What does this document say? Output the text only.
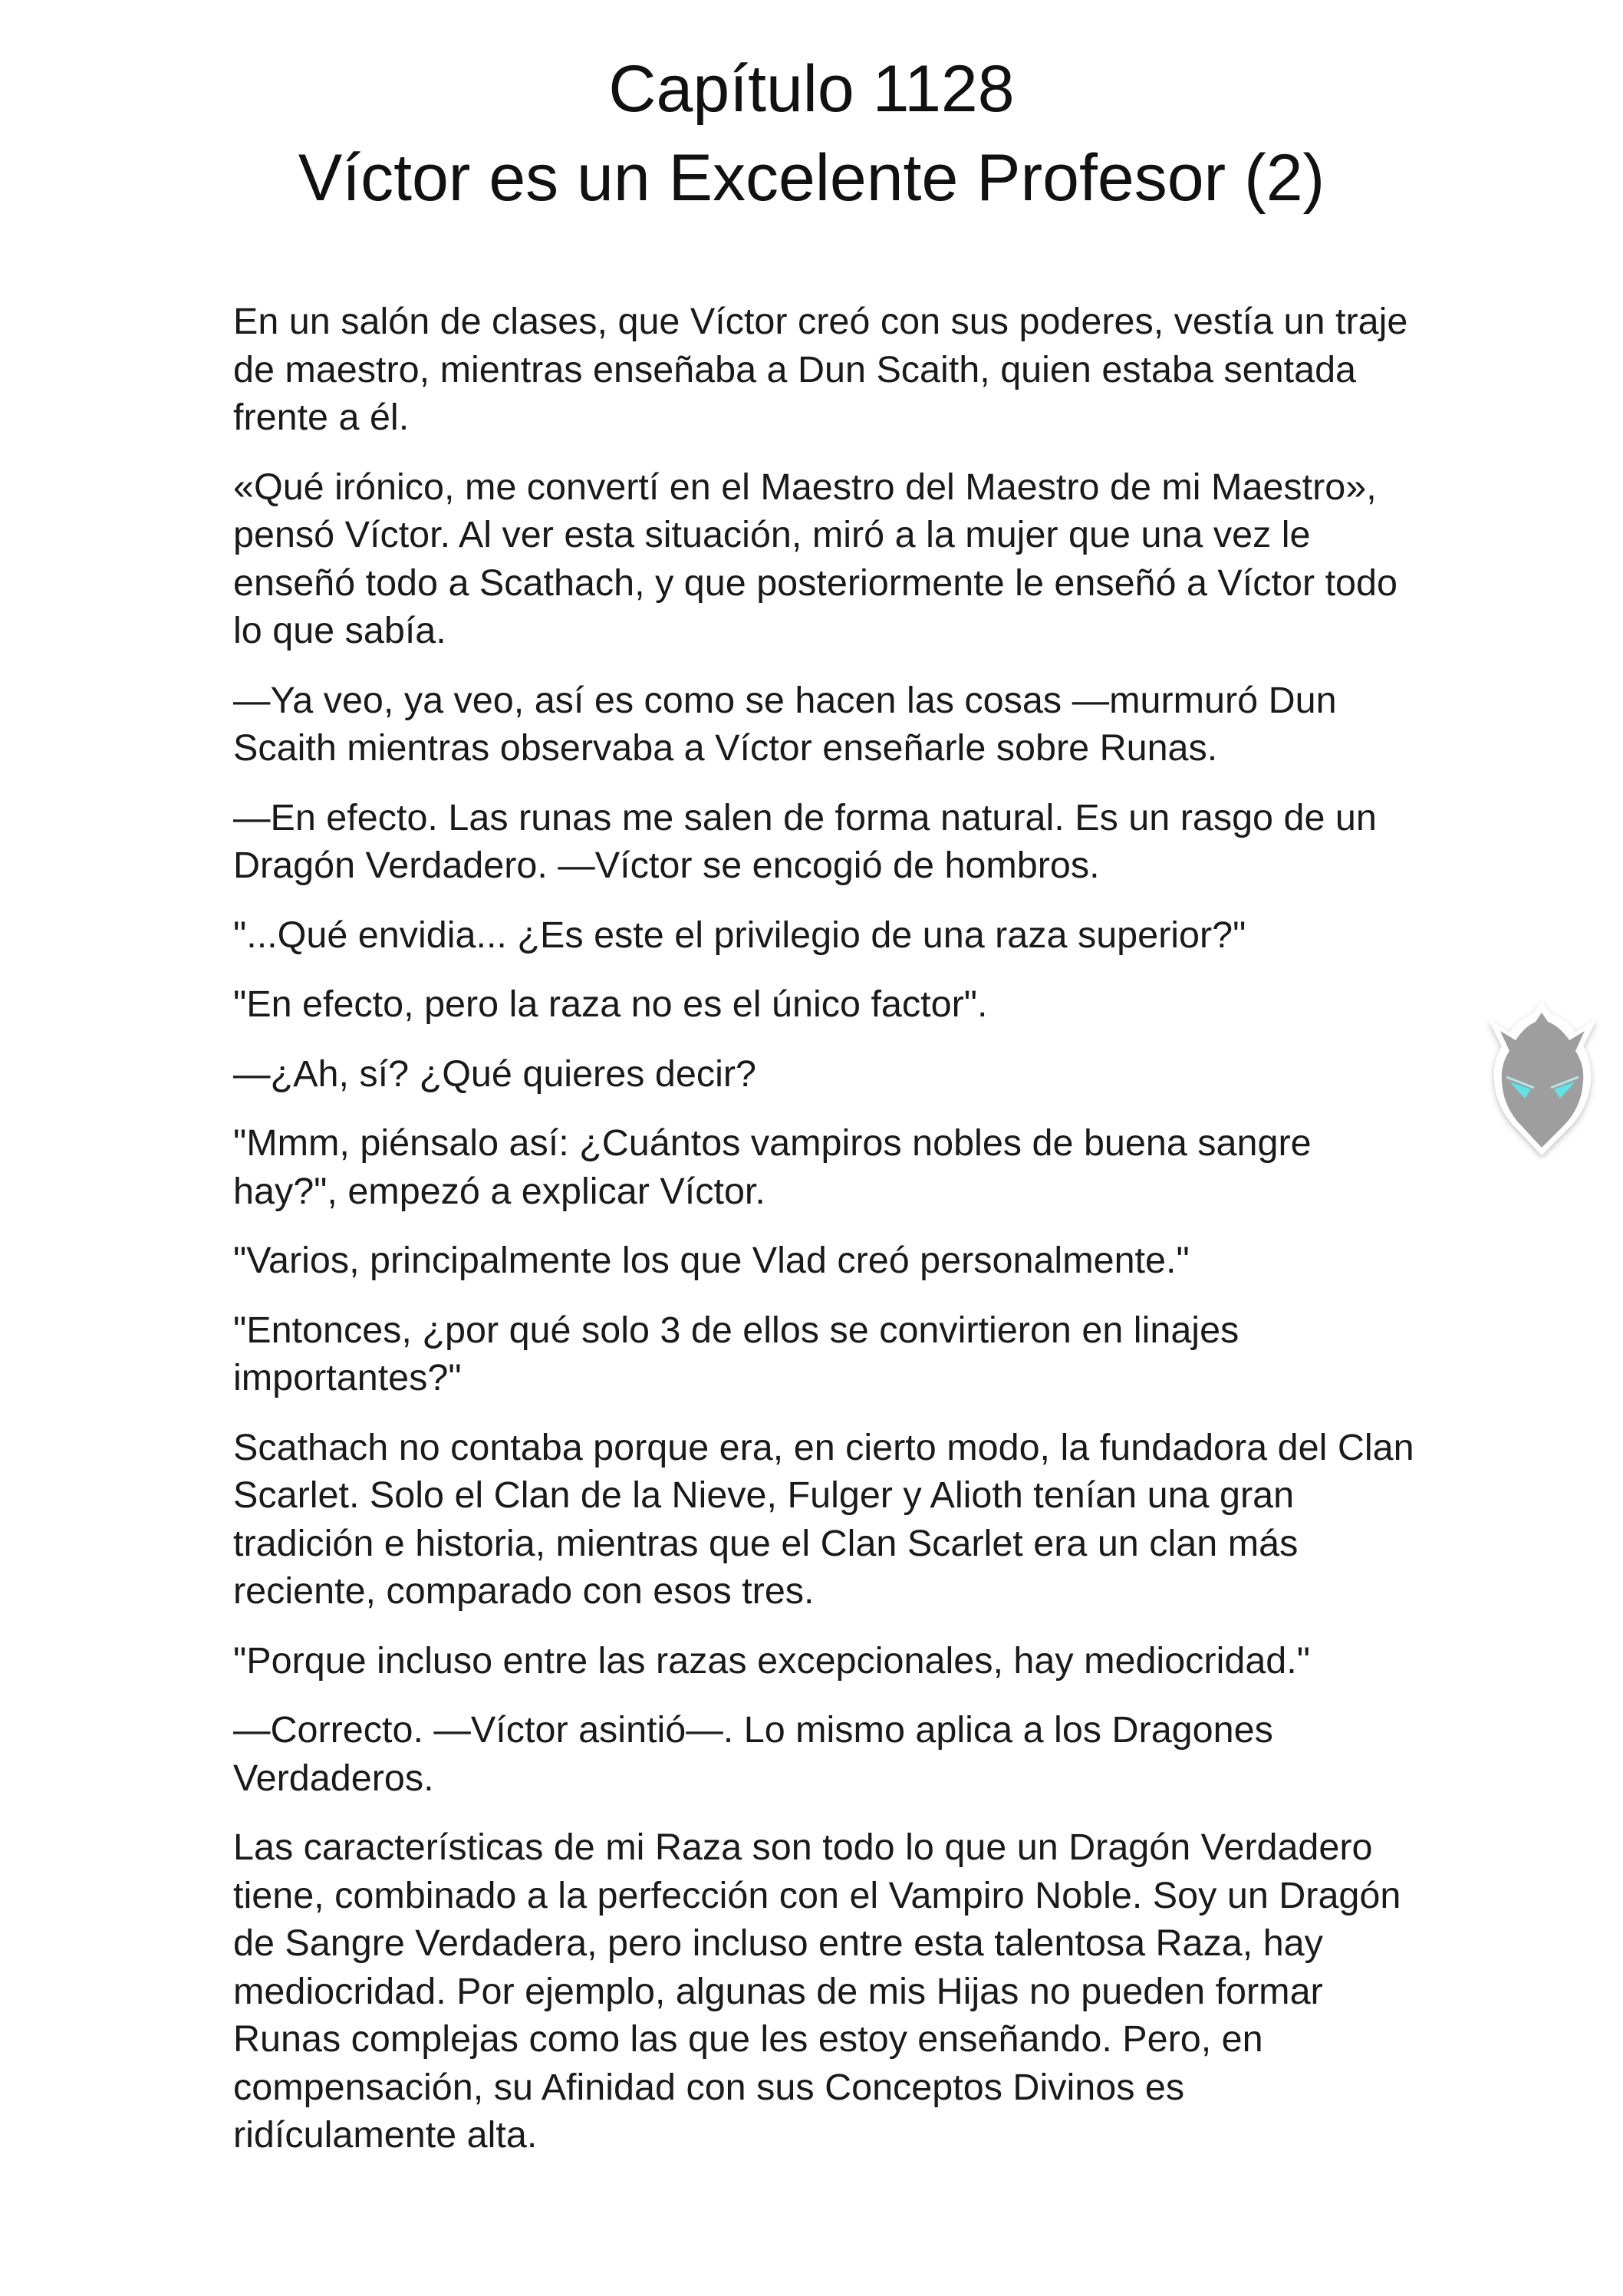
Capítulo 1128

Víctor es un Excelente Profesor (2)

En un salón de clases, que Víctor creó con sus poderes, vestía un traje de maestro, mientras enseñaba a Dun Scaith, quien estaba sentada frente a él.

«Qué irónico, me convertí en el Maestro del Maestro de mi Maestro», pensó Víctor. Al ver esta situación, miró a la mujer que una vez le enseñó todo a Scathach, y que posteriormente le enseñó a Víctor todo lo que sabía.

—Ya veo, ya veo, así es como se hacen las cosas —murmuró Dun Scaith mientras observaba a Víctor enseñarle sobre Runas.

—En efecto. Las runas me salen de forma natural. Es un rasgo de un Dragón Verdadero. —Víctor se encogió de hombros.

"...Qué envidia... ¿Es este el privilegio de una raza superior?"

"En efecto, pero la raza no es el único factor".

—¿Ah, sí? ¿Qué quieres decir?

"Mmm, piénsalo así: ¿Cuántos vampiros nobles de buena sangre hay?", empezó a explicar Víctor.

"Varios, principalmente los que Vlad creó personalmente."

"Entonces, ¿por qué solo 3 de ellos se convirtieron en linajes importantes?"

Scathach no contaba porque era, en cierto modo, la fundadora del Clan Scarlet. Solo el Clan de la Nieve, Fulger y Alioth tenían una gran tradición e historia, mientras que el Clan Scarlet era un clan más reciente, comparado con esos tres.

"Porque incluso entre las razas excepcionales, hay mediocridad."

—Correcto. —Víctor asintió—. Lo mismo aplica a los Dragones Verdaderos.

Las características de mi Raza son todo lo que un Dragón Verdadero tiene, combinado a la perfección con el Vampiro Noble. Soy un Dragón de Sangre Verdadera, pero incluso entre esta talentosa Raza, hay mediocridad. Por ejemplo, algunas de mis Hijas no pueden formar Runas complejas como las que les estoy enseñando. Pero, en compensación, su Afinidad con sus Conceptos Divinos es ridículamente alta.
